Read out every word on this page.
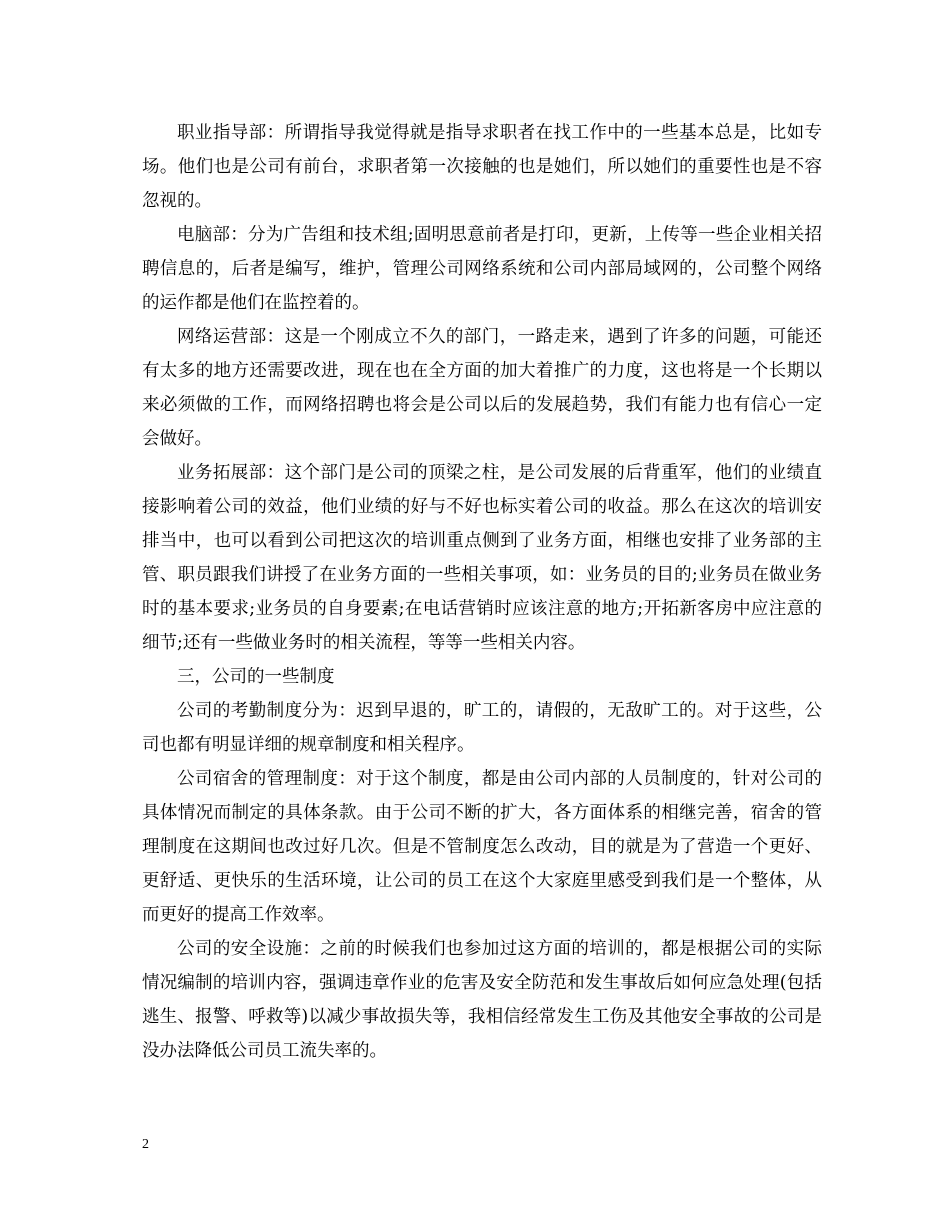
职业指导部：所谓指导我觉得就是指导求职者在找工作中的一些基本总是，比如专场。他们也是公司有前台，求职者第一次接触的也是她们，所以她们的重要性也是不容忽视的。

电脑部：分为广告组和技术组;固明思意前者是打印，更新，上传等一些企业相关招聘信息的，后者是编写，维护，管理公司网络系统和公司内部局域网的，公司整个网络的运作都是他们在监控着的。

网络运营部：这是一个刚成立不久的部门，一路走来，遇到了许多的问题，可能还有太多的地方还需要改进，现在也在全方面的加大着推广的力度，这也将是一个长期以来必须做的工作，而网络招聘也将会是公司以后的发展趋势，我们有能力也有信心一定会做好。

业务拓展部：这个部门是公司的顶梁之柱，是公司发展的后背重军，他们的业绩直接影响着公司的效益，他们业绩的好与不好也标实着公司的收益。那么在这次的培训安排当中，也可以看到公司把这次的培训重点侧到了业务方面，相继也安排了业务部的主管、职员跟我们讲授了在业务方面的一些相关事项，如：业务员的目的;业务员在做业务时的基本要求;业务员的自身要素;在电话营销时应该注意的地方;开拓新客房中应注意的细节;还有一些做业务时的相关流程，等等一些相关内容。

三，公司的一些制度

公司的考勤制度分为：迟到早退的，旷工的，请假的，无敌旷工的。对于这些，公司也都有明显详细的规章制度和相关程序。

公司宿舍的管理制度：对于这个制度，都是由公司内部的人员制度的，针对公司的具体情况而制定的具体条款。由于公司不断的扩大，各方面体系的相继完善，宿舍的管理制度在这期间也改过好几次。但是不管制度怎么改动，目的就是为了营造一个更好、更舒适、更快乐的生活环境，让公司的员工在这个大家庭里感受到我们是一个整体，从而更好的提高工作效率。

公司的安全设施：之前的时候我们也参加过这方面的培训的，都是根据公司的实际情况编制的培训内容，强调违章作业的危害及安全防范和发生事故后如何应急处理(包括逃生、报警、呼救等)以减少事故损失等，我相信经常发生工伤及其他安全事故的公司是没办法降低公司员工流失率的。

2
